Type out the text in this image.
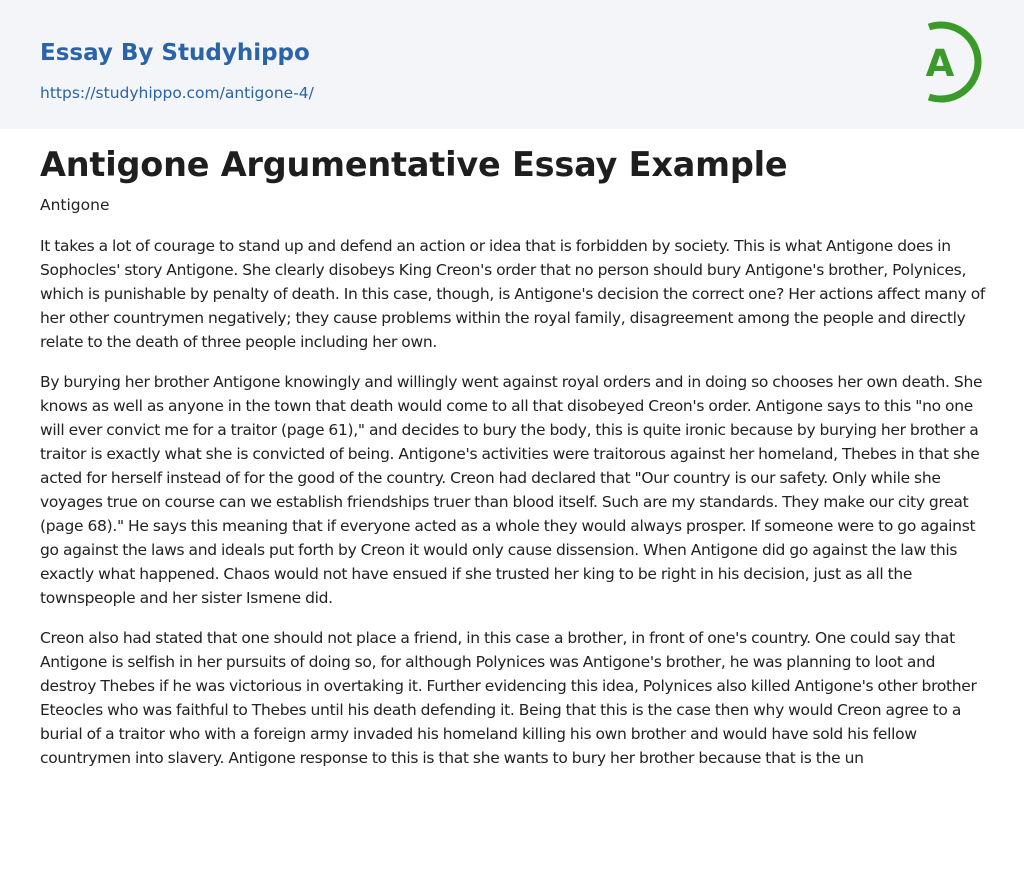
Essay By Studyhippo
https://studyhippo.com/antigone-4/
A
Antigone Argumentative Essay Example
Antigone

It takes a lot of courage to stand up and defend an action or idea that is forbidden by society. This is what Antigone does in Sophocles' story Antigone. She clearly disobeys King Creon's order that no person should bury Antigone's brother, Polynices, which is punishable by penalty of death. In this case, though, is Antigone's decision the correct one? Her actions affect many of her other countrymen negatively; they cause problems within the royal family, disagreement among the people and directly relate to the death of three people including her own.

By burying her brother Antigone knowingly and willingly went against royal orders and in doing so chooses her own death. She knows as well as anyone in the town that death would come to all that disobeyed Creon's order. Antigone says to this "no one will ever convict me for a traitor (page 61)," and decides to bury the body, this is quite ironic because by burying her brother a traitor is exactly what she is convicted of being. Antigone's activities were traitorous against her homeland, Thebes in that she acted for herself instead of for the good of the country. Creon had declared that "Our country is our safety. Only while she voyages true on course can we establish friendships truer than blood itself. Such are my standards. They make our city great (page 68)." He says this meaning that if everyone acted as a whole they would always prosper. If someone were to go against go against the laws and ideals put forth by Creon it would only cause dissension. When Antigone did go against the law this exactly what happened. Chaos would not have ensued if she trusted her king to be right in his decision, just as all the townspeople and her sister Ismene did.

Creon also had stated that one should not place a friend, in this case a brother, in front of one's country. One could say that Antigone is selfish in her pursuits of doing so, for although Polynices was Antigone's brother, he was planning to loot and destroy Thebes if he was victorious in overtaking it. Further evidencing this idea, Polynices also killed Antigone's other brother Eteocles who was faithful to Thebes until his death defending it. Being that this is the case then why would Creon agree to a burial of a traitor who with a foreign army invaded his homeland killing his own brother and would have sold his fellow countrymen into slavery. Antigone response to this is that she wants to bury her brother because that is the un
